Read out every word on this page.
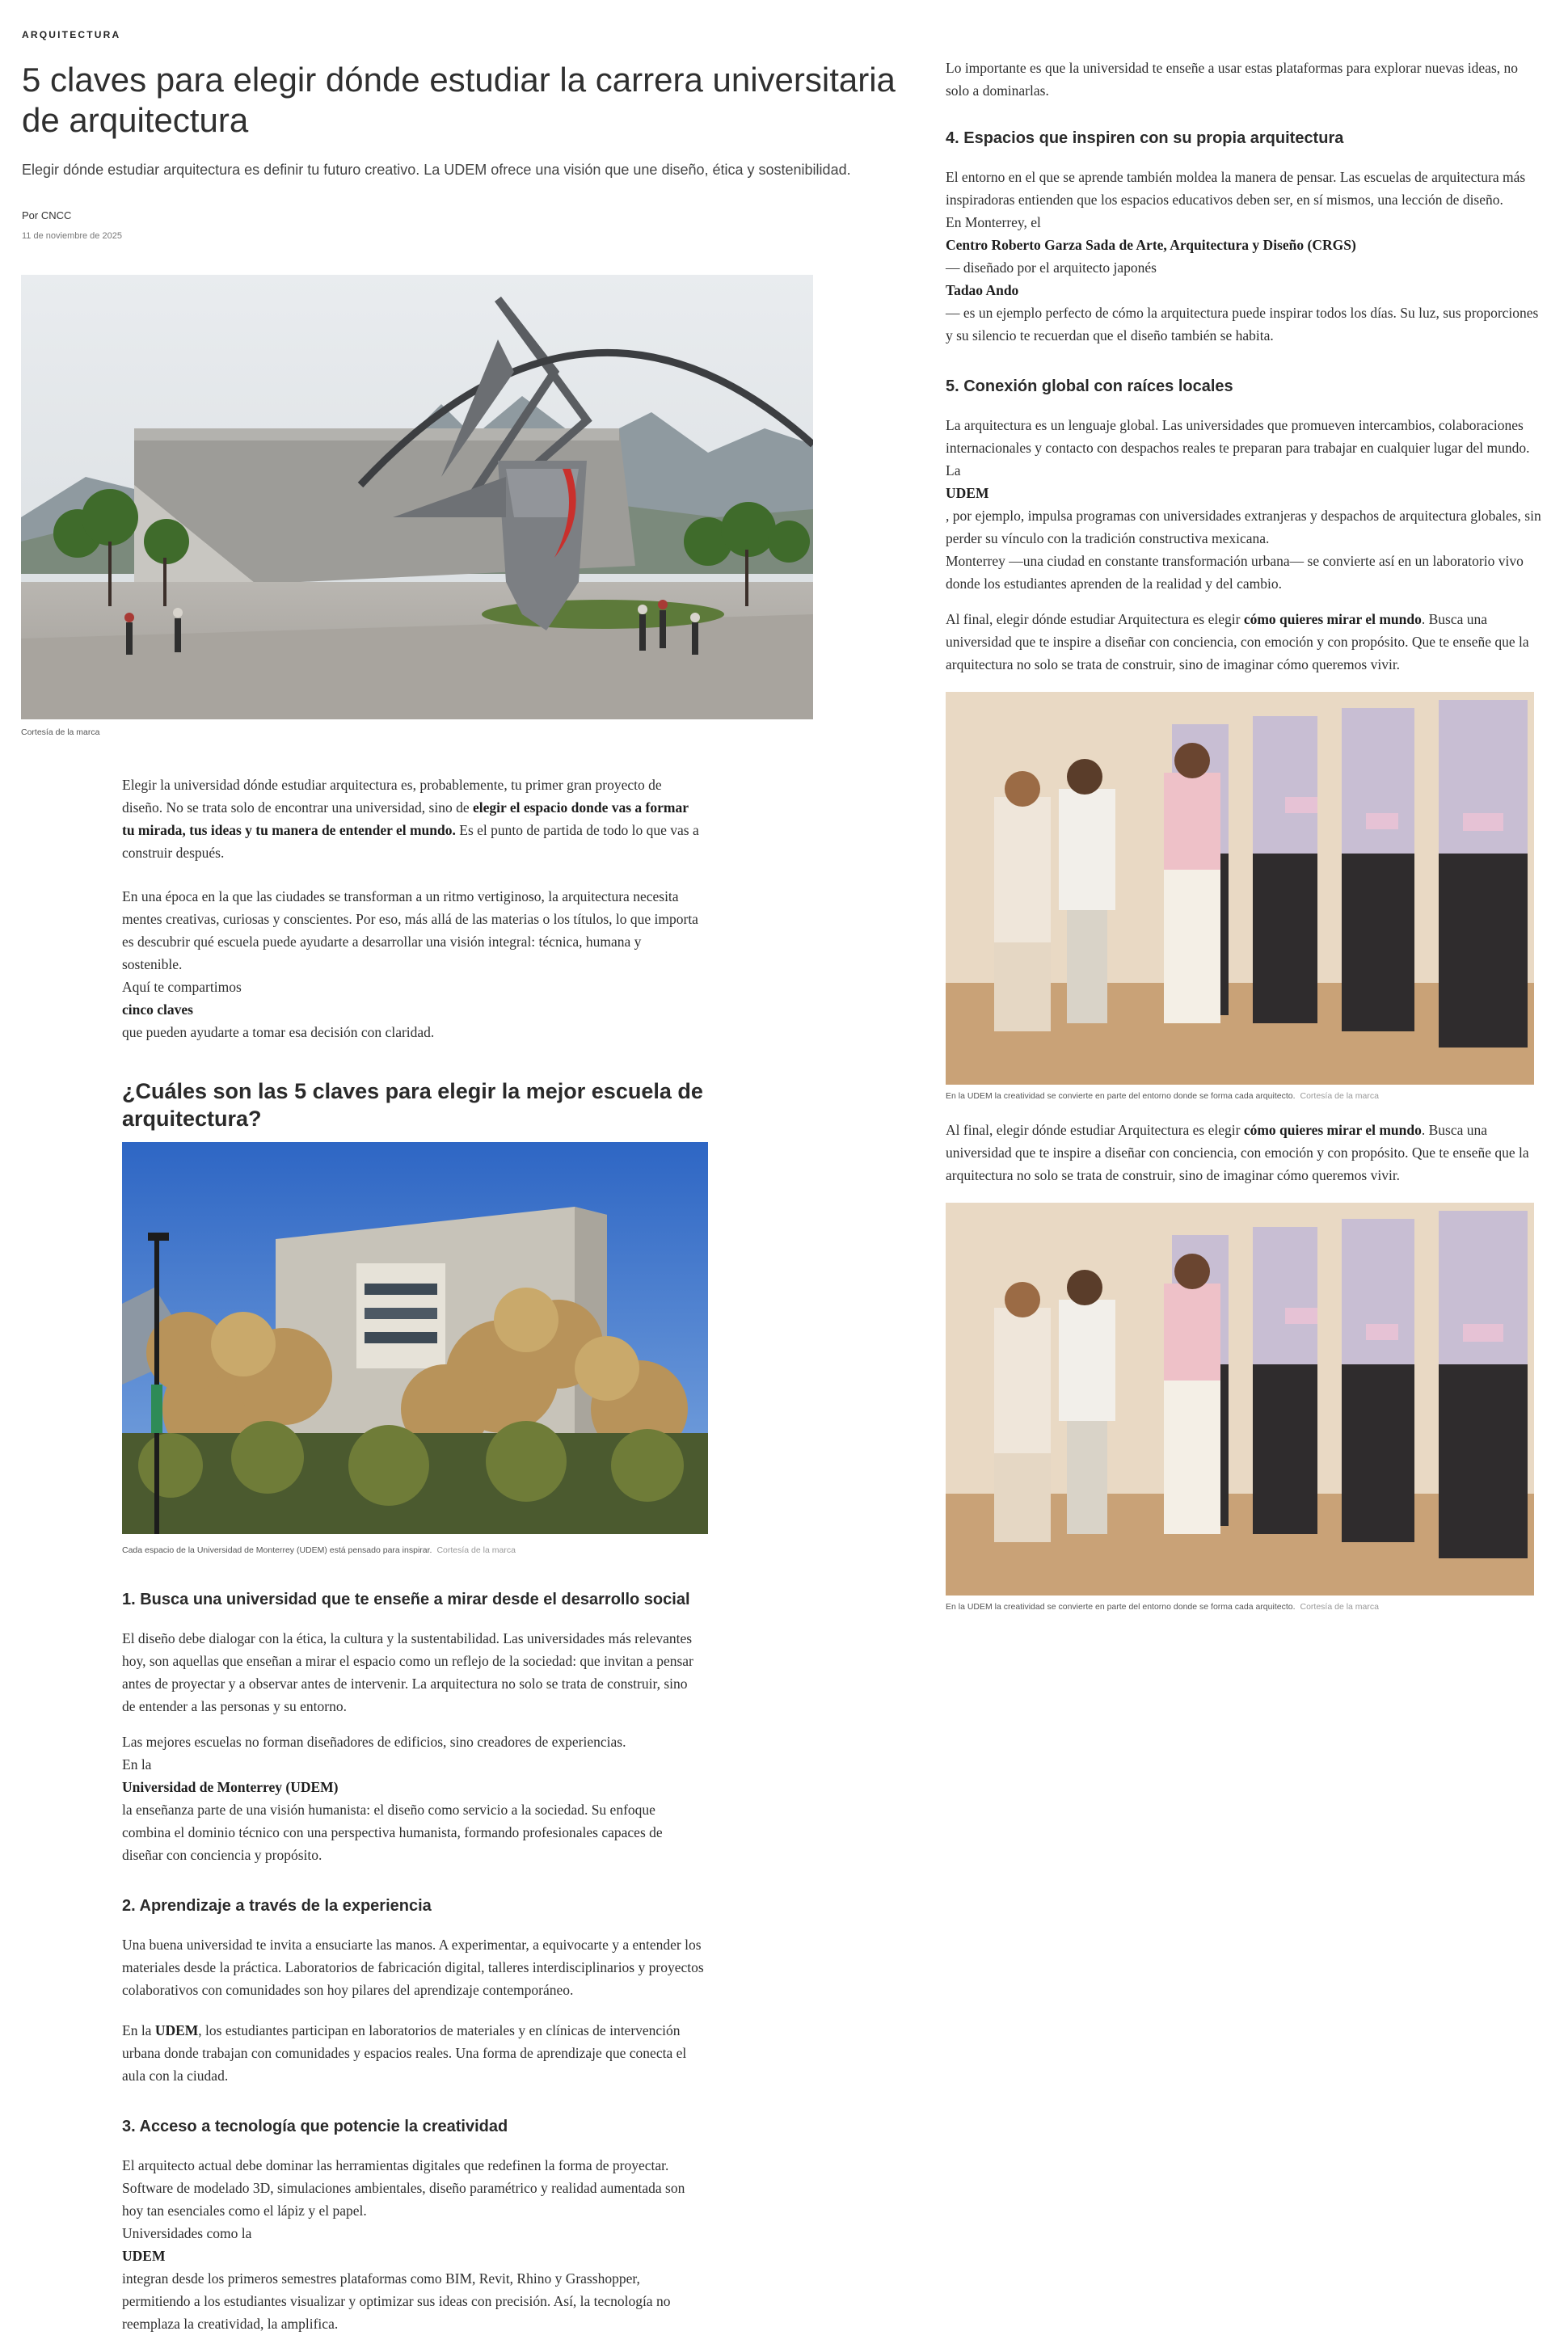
ARQUITECTURA
5 claves para elegir dónde estudiar la carrera universitaria de arquitectura
Elegir dónde estudiar arquitectura es definir tu futuro creativo. La UDEM ofrece una visión que une diseño, ética y sostenibilidad.
Por CNCC
11 de noviembre de 2025
Cortesía de la marca

Elegir la universidad dónde estudiar arquitectura es, probablemente, tu primer gran proyecto de diseño. No se trata solo de encontrar una universidad, sino de elegir el espacio donde vas a formar tu mirada, tus ideas y tu manera de entender el mundo. Es el punto de partida de todo lo que vas a construir después.

En una época en la que las ciudades se transforman a un ritmo vertiginoso, la arquitectura necesita mentes creativas, curiosas y conscientes. Por eso, más allá de las materias o los títulos, lo que importa es descubrir qué escuela puede ayudarte a desarrollar una visión integral: técnica, humana y sostenible.
Aquí te compartimos
cinco claves
que pueden ayudarte a tomar esa decisión con claridad.

¿Cuáles son las 5 claves para elegir la mejor escuela de arquitectura?
Cada espacio de la Universidad de Monterrey (UDEM) está pensado para inspirar. Cortesía de la marca
1. Busca una universidad que te enseñe a mirar desde el desarrollo social

El diseño debe dialogar con la ética, la cultura y la sustentabilidad. Las universidades más relevantes hoy, son aquellas que enseñan a mirar el espacio como un reflejo de la sociedad: que invitan a pensar antes de proyectar y a observar antes de intervenir. La arquitectura no solo se trata de construir, sino de entender a las personas y su entorno.

Las mejores escuelas no forman diseñadores de edificios, sino creadores de experiencias.
En la
Universidad de Monterrey (UDEM)
la enseñanza parte de una visión humanista: el diseño como servicio a la sociedad. Su enfoque combina el dominio técnico con una perspectiva humanista, formando profesionales capaces de diseñar con conciencia y propósito.

2. Aprendizaje a través de la experiencia

Una buena universidad te invita a ensuciarte las manos. A experimentar, a equivocarte y a entender los materiales desde la práctica. Laboratorios de fabricación digital, talleres interdisciplinarios y proyectos colaborativos con comunidades son hoy pilares del aprendizaje contemporáneo.

En la UDEM, los estudiantes participan en laboratorios de materiales y en clínicas de intervención urbana donde trabajan con comunidades y espacios reales. Una forma de aprendizaje que conecta el aula con la ciudad.

3. Acceso a tecnología que potencie la creatividad

El arquitecto actual debe dominar las herramientas digitales que redefinen la forma de proyectar. Software de modelado 3D, simulaciones ambientales, diseño paramétrico y realidad aumentada son hoy tan esenciales como el lápiz y el papel.
Universidades como la
UDEM
integran desde los primeros semestres plataformas como BIM, Revit, Rhino y Grasshopper, permitiendo a los estudiantes visualizar y optimizar sus ideas con precisión. Así, la tecnología no reemplaza la creatividad, la amplifica.

Lo importante es que la universidad te enseñe a usar estas plataformas para explorar nuevas ideas, no solo a dominarlas.

4. Espacios que inspiren con su propia arquitectura

El entorno en el que se aprende también moldea la manera de pensar. Las escuelas de arquitectura más inspiradoras entienden que los espacios educativos deben ser, en sí mismos, una lección de diseño.
En Monterrey, el
Centro Roberto Garza Sada de Arte, Arquitectura y Diseño (CRGS)
— diseñado por el arquitecto japonés
Tadao Ando
— es un ejemplo perfecto de cómo la arquitectura puede inspirar todos los días. Su luz, sus proporciones y su silencio te recuerdan que el diseño también se habita.

5. Conexión global con raíces locales

La arquitectura es un lenguaje global. Las universidades que promueven intercambios, colaboraciones internacionales y contacto con despachos reales te preparan para trabajar en cualquier lugar del mundo.
La
UDEM
, por ejemplo, impulsa programas con universidades extranjeras y despachos de arquitectura globales, sin perder su vínculo con la tradición constructiva mexicana.
Monterrey —una ciudad en constante transformación urbana— se convierte así en un laboratorio vivo donde los estudiantes aprenden de la realidad y del cambio.

Al final, elegir dónde estudiar Arquitectura es elegir cómo quieres mirar el mundo. Busca una universidad que te inspire a diseñar con conciencia, con emoción y con propósito. Que te enseñe que la arquitectura no solo se trata de construir, sino de imaginar cómo queremos vivir.

En la UDEM la creatividad se convierte en parte del entorno donde se forma cada arquitecto. Cortesía de la marca

Al final, elegir dónde estudiar Arquitectura es elegir cómo quieres mirar el mundo. Busca una universidad que te inspire a diseñar con conciencia, con emoción y con propósito. Que te enseñe que la arquitectura no solo se trata de construir, sino de imaginar cómo queremos vivir.

En la UDEM la creatividad se convierte en parte del entorno donde se forma cada arquitecto. Cortesía de la marca
